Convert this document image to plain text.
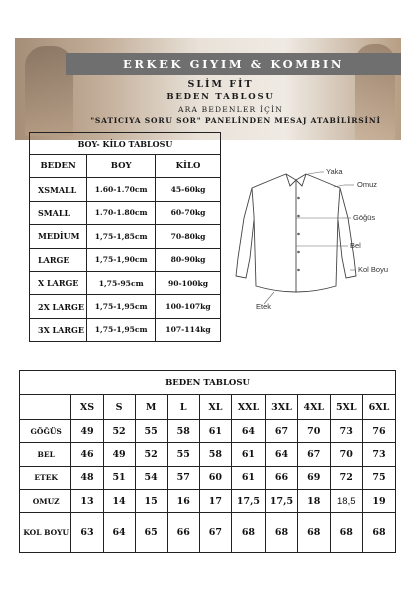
ERKEK GIYIM & KOMBIN
SLİM FİT
BEDEN TABLOSU
ARA BEDENLER İÇİN
"SATICIYA SORU SOR" PANELİNDEN MESAJ ATABİLİRSİNİ
BOY- KİLO TABLOSU		
BEDEN	BOY	KİLO
XSMALL	1.60-1.70cm	45-60kg
SMALL	1.70-1.80cm	60-70kg
MEDİUM	1,75-1,85cm	70-80kg
LARGE	1,75-1,90cm	80-90kg
X LARGE	1,75-95cm	90-100kg
2X LARGE	1,75-1,95cm	100-107kg
3X LARGE	1,75-1,95cm	107-114kg
Yaka
Omuz
Göğüs
Bel
Kol Boyu
Etek
BEDEN TABLOSU										
	XS	S	M	L	XL	XXL	3XL	4XL	5XL	6XL
GÖĞÜS	49	52	55	58	61	64	67	70	73	76
BEL	46	49	52	55	58	61	64	67	70	73
ETEK	48	51	54	57	60	61	66	69	72	75
OMUZ	13	14	15	16	17	17,5	17,5	18	18,5	19
KOL BOYU	63	64	65	66	67	68	68	68	68	68
